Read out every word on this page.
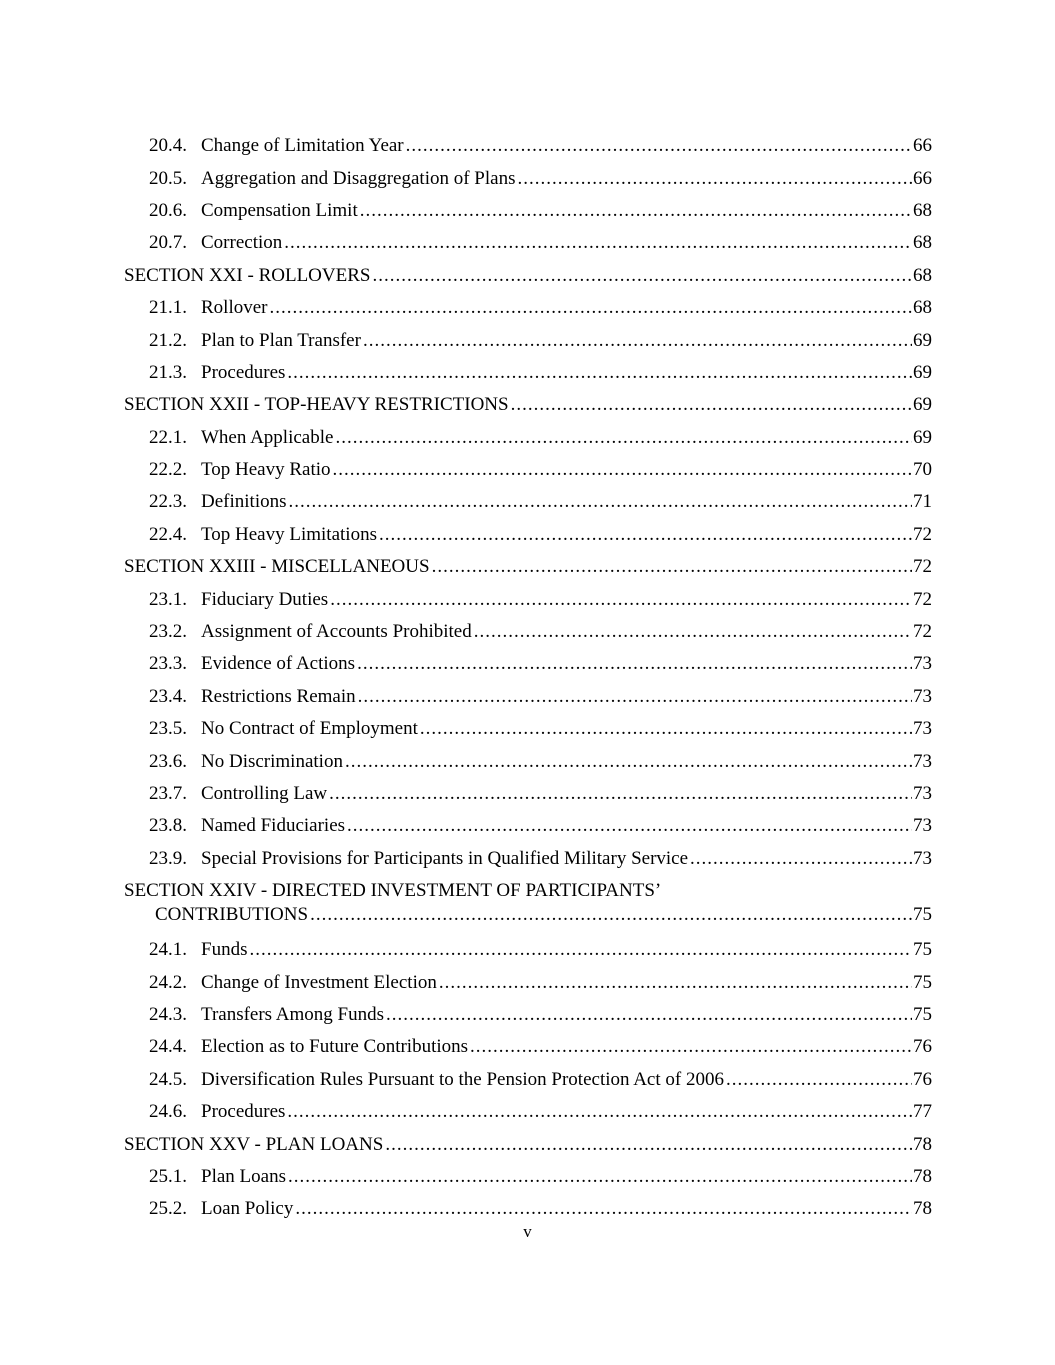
20.4. Change of Limitation Year .....	66
20.5. Aggregation and Disaggregation of Plans .....	66
20.6. Compensation Limit .....	68
20.7. Correction .....	68
SECTION XXI - ROLLOVERS .....	68
21.1. Rollover .....	68
21.2. Plan to Plan Transfer .....	69
21.3. Procedures .....	69
SECTION XXII - TOP-HEAVY RESTRICTIONS .....	69
22.1. When Applicable .....	69
22.2. Top Heavy Ratio .....	70
22.3. Definitions .....	71
22.4. Top Heavy Limitations .....	72
SECTION XXIII - MISCELLANEOUS .....	72
23.1. Fiduciary Duties .....	72
23.2. Assignment of Accounts Prohibited .....	72
23.3. Evidence of Actions .....	73
23.4. Restrictions Remain .....	73
23.5. No Contract of Employment .....	73
23.6. No Discrimination .....	73
23.7. Controlling Law .....	73
23.8. Named Fiduciaries .....	73
23.9. Special Provisions for Participants in Qualified Military Service .....	73
SECTION XXIV - DIRECTED INVESTMENT OF PARTICIPANTS’
CONTRIBUTIONS .....	75
24.1. Funds .....	75
24.2. Change of Investment Election .....	75
24.3. Transfers Among Funds .....	75
24.4. Election as to Future Contributions .....	76
24.5. Diversification Rules Pursuant to the Pension Protection Act of 2006 .....	76
24.6. Procedures .....	77
SECTION XXV - PLAN LOANS .....	78
25.1. Plan Loans .....	78
25.2. Loan Policy .....	78
v
